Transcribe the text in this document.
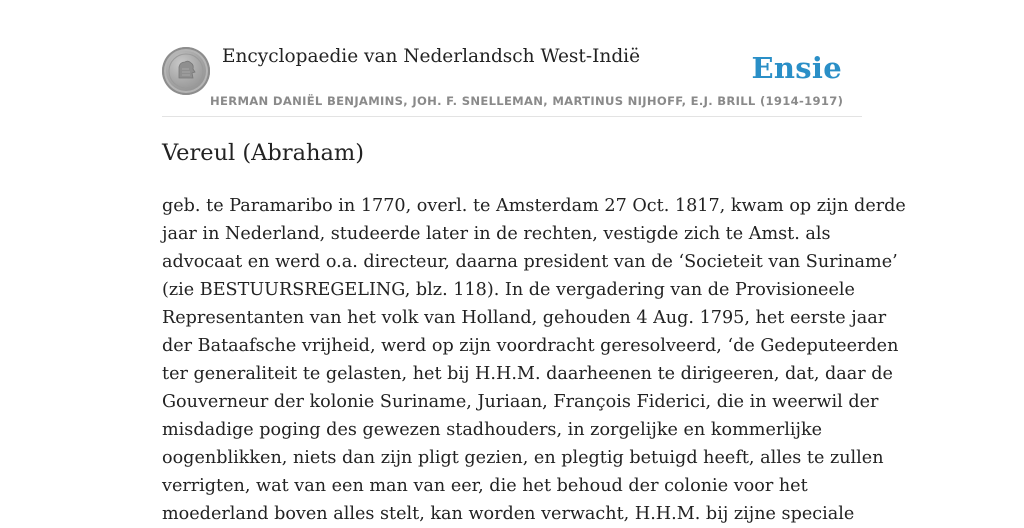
Encyclopaedie van Nederlandsch West-Indië	Ensie
HERMAN DANIËL BENJAMINS, JOH. F. SNELLEMAN, MARTINUS NIJHOFF, E.J. BRILL (1914-1917)
Vereul (Abraham)
geb. te Paramaribo in 1770, overl. te Amsterdam 27 Oct. 1817, kwam op zijn derde
jaar in Nederland, studeerde later in de rechten, vestigde zich te Amst. als
advocaat en werd o.a. directeur, daarna president van de ‘Societeit van Suriname’
(zie BESTUURSREGELING, blz. 118). In de vergadering van de Provisioneele
Representanten van het volk van Holland, gehouden 4 Aug. 1795, het eerste jaar
der Bataafsche vrijheid, werd op zijn voordracht geresolveerd, ‘de Gedeputeerden
ter generaliteit te gelasten, het bij H.H.M. daarheenen te dirigeeren, dat, daar de
Gouverneur der kolonie Suriname, Juriaan, François Fiderici, die in weerwil der
misdadige poging des gewezen stadhouders, in zorgelijke en kommerlijke
oogenblikken, niets dan zijn pligt gezien, en plegtig betuigd heeft, alles te zullen
verrigten, wat van een man van eer, die het behoud der colonie voor het
moederland boven alles stelt, kan worden verwacht, H.H.M. bij zijne speciale
